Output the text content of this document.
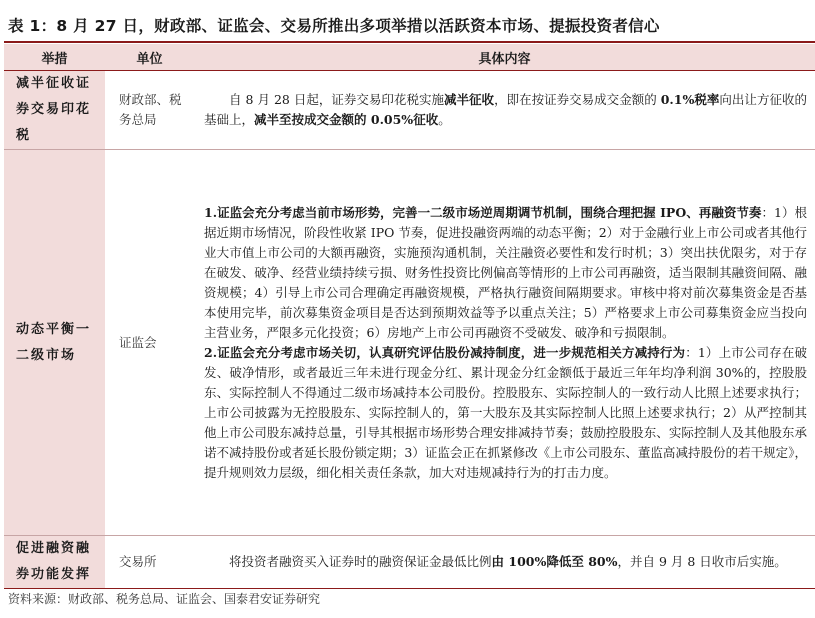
表 1：8 月 27 日，财政部、证监会、交易所推出多项举措以活跃资本市场、提振投资者信心
举措	单位	具体内容
减半征收证券交易印花税	财政部、税务总局	自 8 月 28 日起，证券交易印花税实施减半征收，即在按证券交易成交金额的 0.1%税率向出让方征收的基础上，减半至按成交金额的 0.05%征收。

动态平衡一二级市场	证监会	1.证监会充分考虑当前市场形势，完善一二级市场逆周期调节机制，围绕合理把握 IPO、再融资节奏：1）根据近期市场情况，阶段性收紧 IPO 节奏，促进投融资两端的动态平衡；2）对于金融行业上市公司或者其他行业大市值上市公司的大额再融资，实施预沟通机制，关注融资必要性和发行时机；3）突出扶优限劣，对于存在破发、破净、经营业绩持续亏损、财务性投资比例偏高等情形的上市公司再融资，适当限制其融资间隔、融资规模；4）引导上市公司合理确定再融资规模，严格执行融资间隔期要求。审核中将对前次募集资金是否基本使用完毕，前次募集资金项目是否达到预期效益等予以重点关注；5）严格要求上市公司募集资金应当投向主营业务，严限多元化投资；6）房地产上市公司再融资不受破发、破净和亏损限制。

2.证监会充分考虑市场关切，认真研究评估股份减持制度，进一步规范相关方减持行为：1）上市公司存在破发、破净情形，或者最近三年未进行现金分红、累计现金分红金额低于最近三年年均净利润 30%的，控股股东、实际控制人不得通过二级市场减持本公司股份。控股股东、实际控制人的一致行动人比照上述要求执行；上市公司披露为无控股股东、实际控制人的，第一大股东及其实际控制人比照上述要求执行；2）从严控制其他上市公司股东减持总量，引导其根据市场形势合理安排减持节奏；鼓励控股股东、实际控制人及其他股东承诺不减持股份或者延长股份锁定期；3）证监会正在抓紧修改《上市公司股东、董监高减持股份的若干规定》，提升规则效力层级，细化相关责任条款，加大对违规减持行为的打击力度。

促进融资融券功能发挥	交易所	将投资者融资买入证券时的融资保证金最低比例由 100%降低至 80%，并自 9 月 8 日收市后实施。

资料来源：财政部、税务总局、证监会、国泰君安证券研究
